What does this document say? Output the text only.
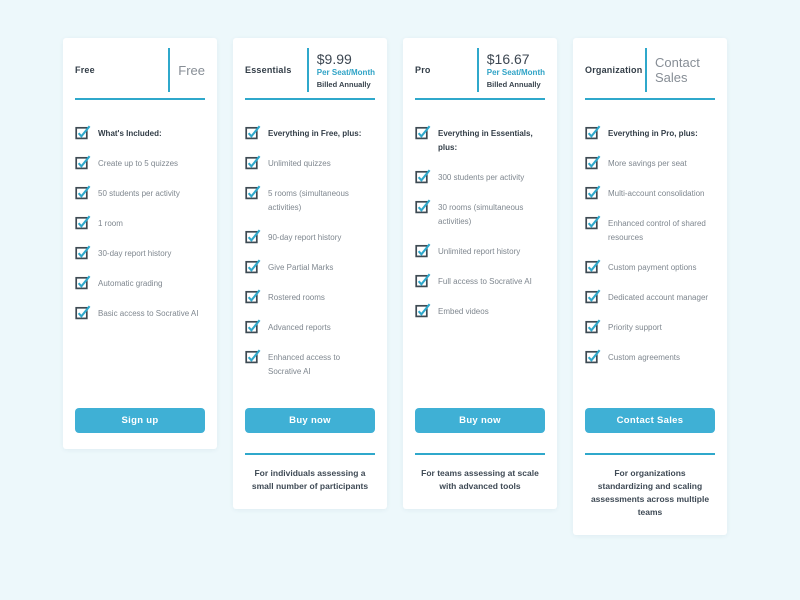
Free	Free
What's Included:
Create up to 5 quizzes
50 students per activity
1 room
30-day report history
Automatic grading
Basic access to Socrative AI
Sign up
Essentials
$9.99
Per Seat/Month
Billed Annually
Everything in Free, plus:
Unlimited quizzes
5 rooms (simultaneous activities)
90-day report history
Give Partial Marks
Rostered rooms
Advanced reports
Enhanced access to Socrative AI
Buy now
For individuals assessing a small number of participants
Pro
$16.67
Per Seat/Month
Billed Annually
Everything in Essentials, plus:
300 students per activity
30 rooms (simultaneous activities)
Unlimited report history
Full access to Socrative AI
Embed videos
Buy now
For teams assessing at scale with advanced tools
Organization Contact Sales
Everything in Pro, plus:
More savings per seat
Multi-account consolidation
Enhanced control of shared resources
Custom payment options
Dedicated account manager
Priority support
Custom agreements
Contact Sales
For organizations standardizing and scaling assessments across multiple teams
